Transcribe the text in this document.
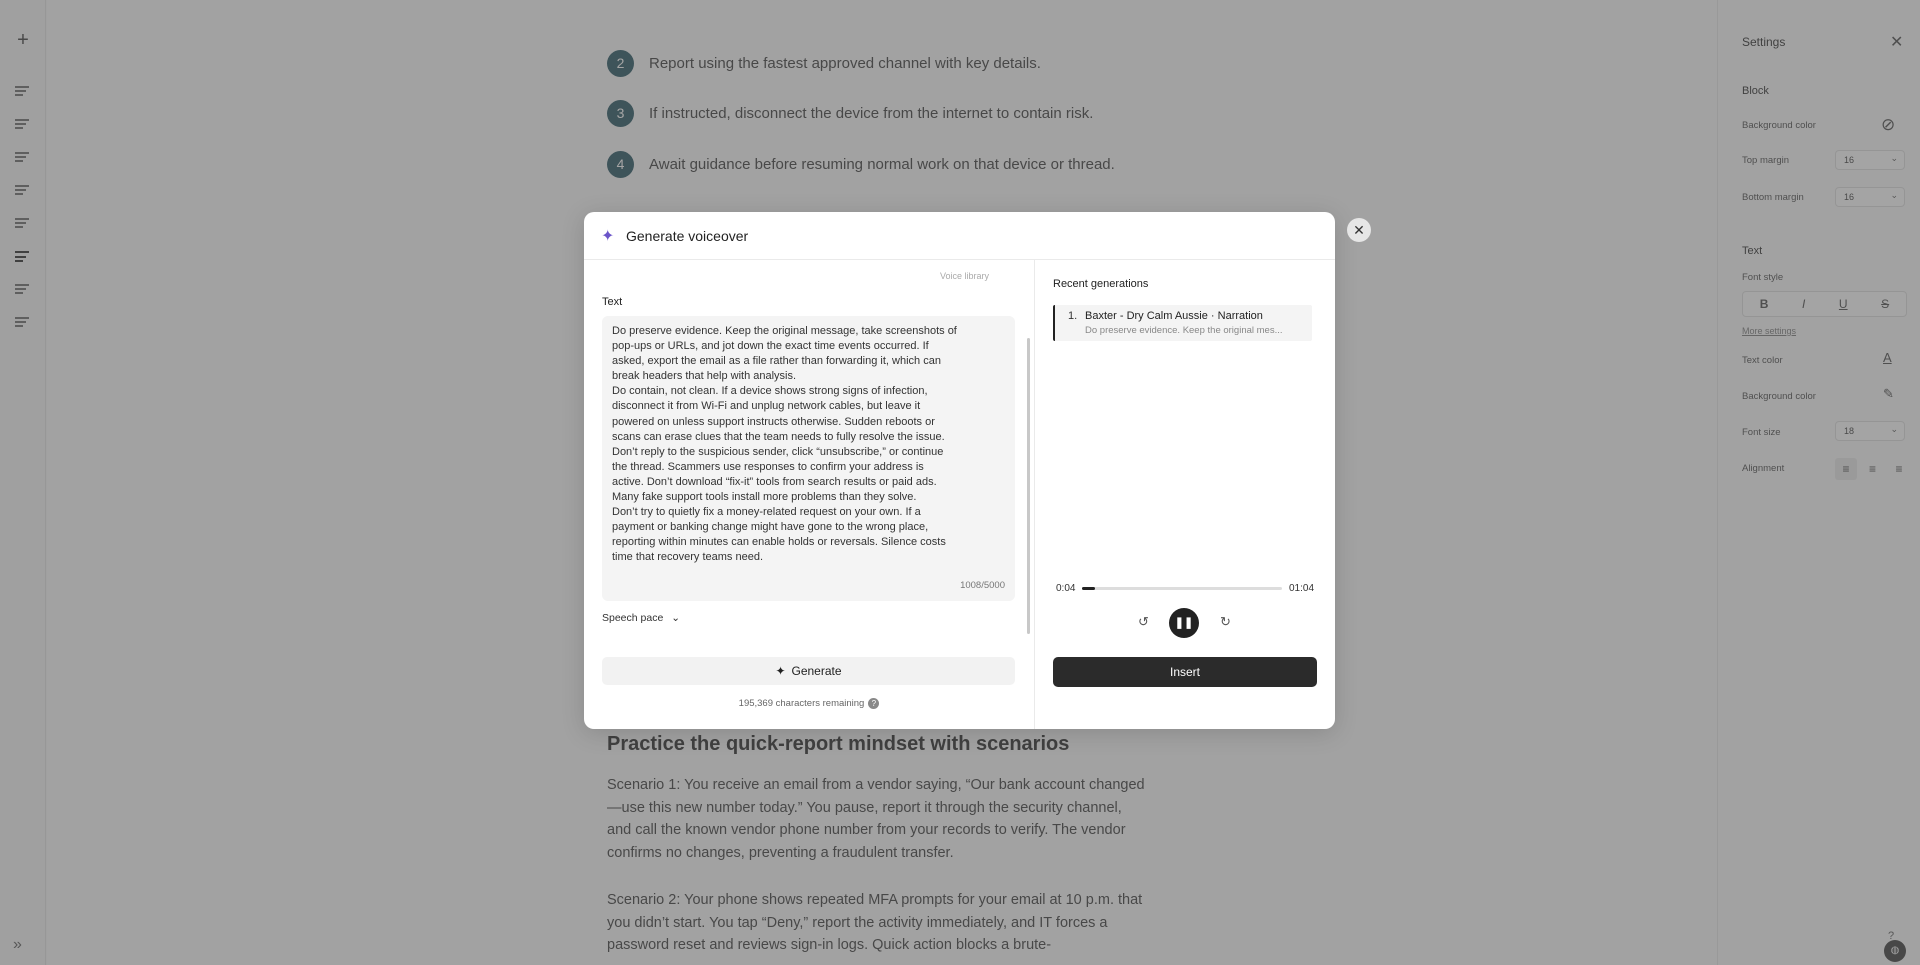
✦ Generate voiceover
Voice library
Text
Do preserve evidence. Keep the original message, take screenshots of pop-ups or URLs, and jot down the exact time events occurred. If asked, export the email as a file rather than forwarding it, which can break headers that help with analysis.
Do contain, not clean. If a device shows strong signs of infection, disconnect it from Wi-Fi and unplug network cables, but leave it powered on unless support instructs otherwise. Sudden reboots or scans can erase clues that the team needs to fully resolve the issue.
Don’t reply to the suspicious sender, click “unsubscribe,” or continue the thread. Scammers use responses to confirm your address is active. Don’t download “fix-it” tools from search results or paid ads. Many fake support tools install more problems than they solve.
Don’t try to quietly fix a money-related request on your own. If a payment or banking change might have gone to the wrong place, reporting within minutes can enable holds or reversals. Silence costs time that recovery teams need.
1008/5000
Speech pace ⌄
✦ Generate
195,369 characters remaining ?
Recent generations
1. Baxter - Dry Calm Aussie · Narration
Do preserve evidence. Keep the original mes...
0:04	01:04
↺	❚❚	↻
Insert
✕
